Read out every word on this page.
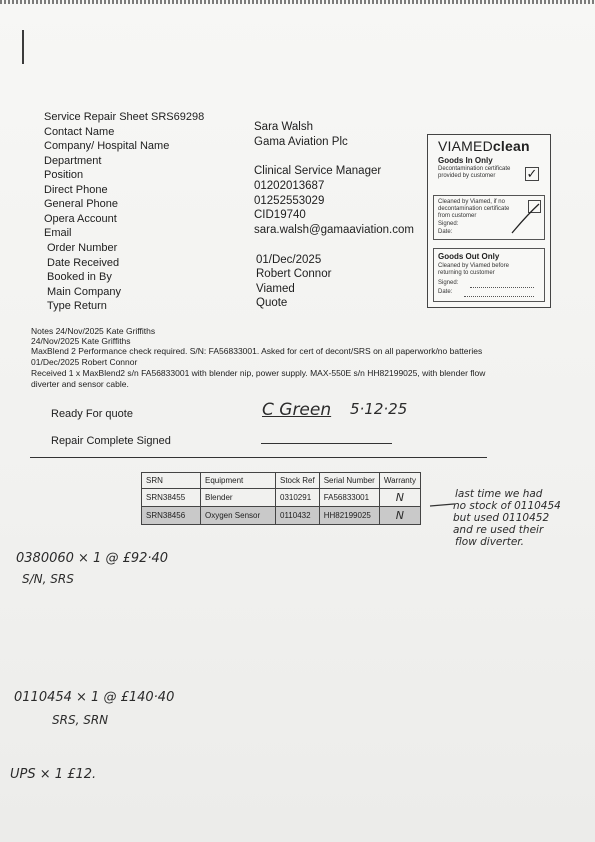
Service Repair Sheet SRS69298
Contact Name	Sara Walsh
Company/ Hospital Name	Gama Aviation Plc
Department
Position	Clinical Service Manager
Direct Phone	01202013687
General Phone	01252553029
Opera Account	CID19740
Email	sara.walsh@gamaaviation.com
Order Number
Date Received	01/Dec/2025
Booked in By	Robert Connor
Main Company	Viamed
Type Return	Quote
VIAMEDclean
Goods In Only
Decontamination certificate provided by customer	✓
Cleaned by Viamed, if no decontamination certificate from customer
Signed:
Date:
Goods Out Only
Cleaned by Viamed before returning to customer
Signed:
Date:
Notes 24/Nov/2025 Kate Griffiths
24/Nov/2025 Kate Griffiths
MaxBlend 2 Performance check required. S/N: FA56833001. Asked for cert of decont/SRS on all paperwork/no batteries
01/Dec/2025 Robert Connor
Received 1 x MaxBlend2 s/n FA56833001 with blender nip, power supply. MAX-550E s/n HH82199025, with blender flow
diverter and sensor cable.
Ready For quote	C Green 5·12·25
Repair Complete Signed
SRN	Equipment	Stock Ref	Serial Number	Warranty
SRN38455	Blender	0310291	FA56833001	N
SRN38456	Oxygen Sensor	0110432	HH82199025	N
last time we had
no stock of 0110454
but used 0110452
and re used their
flow diverter.
0380060 × 1 @ £92·40
S/N, SRS
0110454 × 1 @ £140·40
SRS, SRN
UPS × 1 £12.
